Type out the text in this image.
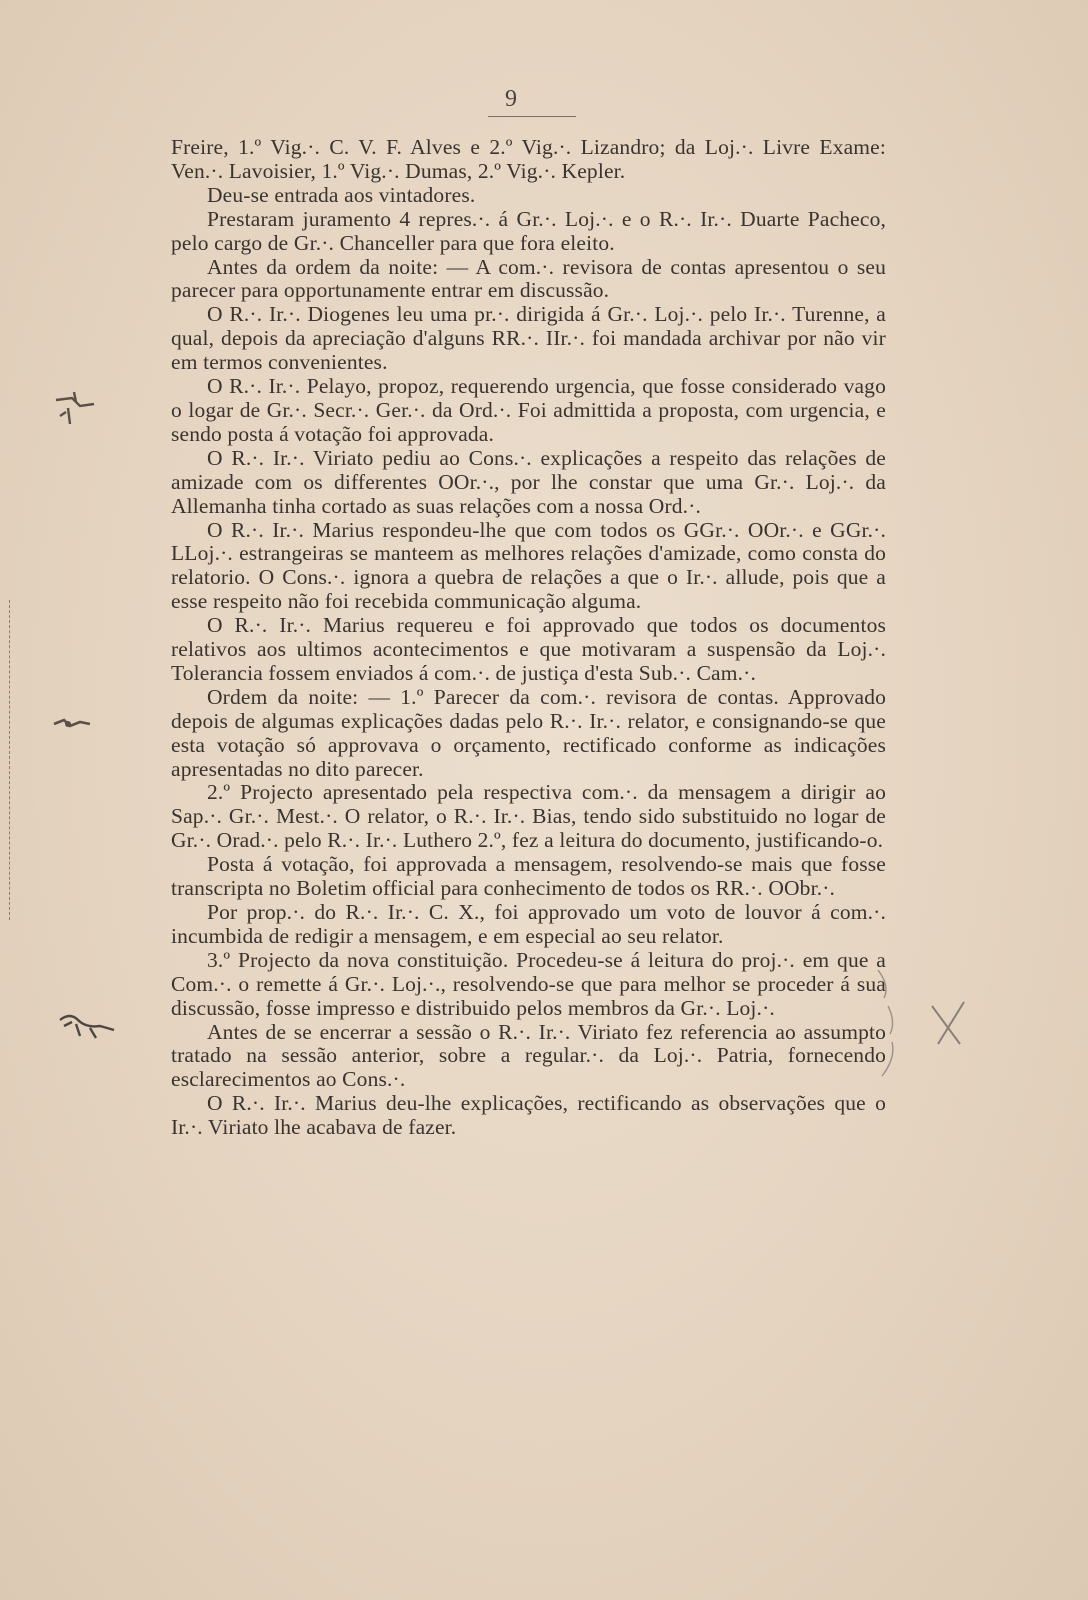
9

Freire, 1.º Vig.·. C. V. F. Alves e 2.º Vig.·. Lizandro; da Loj.·. Livre Exame: Ven.·. Lavoisier, 1.º Vig.·. Dumas, 2.º Vig.·. Kepler.

Deu-se entrada aos vintadores.

Prestaram juramento 4 repres.·. á Gr.·. Loj.·. e o R.·. Ir.·. Duarte Pacheco, pelo cargo de Gr.·. Chanceller para que fora eleito.

Antes da ordem da noite: — A com.·. revisora de contas apresentou o seu parecer para opportunamente entrar em discussão.

O R.·. Ir.·. Diogenes leu uma pr.·. dirigida á Gr.·. Loj.·. pelo Ir.·. Turenne, a qual, depois da apreciação d'alguns RR.·. IIr.·. foi mandada archivar por não vir em termos convenientes.

O R.·. Ir.·. Pelayo, propoz, requerendo urgencia, que fosse considerado vago o logar de Gr.·. Secr.·. Ger.·. da Ord.·. Foi admittida a proposta, com urgencia, e sendo posta á votação foi approvada.

O R.·. Ir.·. Viriato pediu ao Cons.·. explicações a respeito das relações de amizade com os differentes OOr.·., por lhe constar que uma Gr.·. Loj.·. da Allemanha tinha cortado as suas relações com a nossa Ord.·.

O R.·. Ir.·. Marius respondeu-lhe que com todos os GGr.·. OOr.·. e GGr.·. LLoj.·. estrangeiras se manteem as melhores relações d'amizade, como consta do relatorio. O Cons.·. ignora a quebra de relações a que o Ir.·. allude, pois que a esse respeito não foi recebida communicação alguma.

O R.·. Ir.·. Marius requereu e foi approvado que todos os documentos relativos aos ultimos acontecimentos e que motivaram a suspensão da Loj.·. Tolerancia fossem enviados á com.·. de justiça d'esta Sub.·. Cam.·.

Ordem da noite: — 1.º Parecer da com.·. revisora de contas. Approvado depois de algumas explicações dadas pelo R.·. Ir.·. relator, e consignando-se que esta votação só approvava o orçamento, rectificado conforme as indicações apresentadas no dito parecer.

2.º Projecto apresentado pela respectiva com.·. da mensagem a dirigir ao Sap.·. Gr.·. Mest.·. O relator, o R.·. Ir.·. Bias, tendo sido substituido no logar de Gr.·. Orad.·. pelo R.·. Ir.·. Luthero 2.º, fez a leitura do documento, justificando-o.

Posta á votação, foi approvada a mensagem, resolvendo-se mais que fosse transcripta no Boletim official para conhecimento de todos os RR.·. OObr.·.

Por prop.·. do R.·. Ir.·. C. X., foi approvado um voto de louvor á com.·. incumbida de redigir a mensagem, e em especial ao seu relator.

3.º Projecto da nova constituição. Procedeu-se á leitura do proj.·. em que a Com.·. o remette á Gr.·. Loj.·., resolvendo-se que para melhor se proceder á sua discussão, fosse impresso e distribuido pelos membros da Gr.·. Loj.·.

Antes de se encerrar a sessão o R.·. Ir.·. Viriato fez referencia ao assumpto tratado na sessão anterior, sobre a regular.·. da Loj.·. Patria, fornecendo esclarecimentos ao Cons.·.

O R.·. Ir.·. Marius deu-lhe explicações, rectificando as observações que o Ir.·. Viriato lhe acabava de fazer.
